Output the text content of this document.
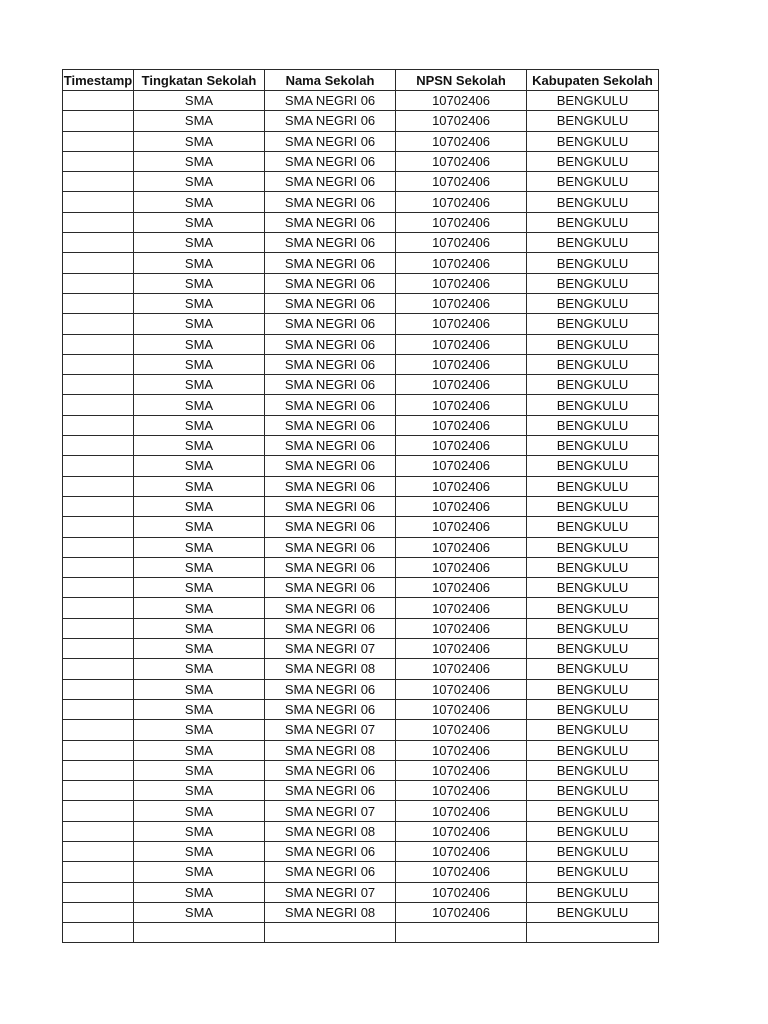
Timestamp	Tingkatan Sekolah	Nama Sekolah	NPSN Sekolah	Kabupaten Sekolah
	SMA	SMA NEGRI 06	10702406	BENGKULU
	SMA	SMA NEGRI 06	10702406	BENGKULU
	SMA	SMA NEGRI 06	10702406	BENGKULU
	SMA	SMA NEGRI 06	10702406	BENGKULU
	SMA	SMA NEGRI 06	10702406	BENGKULU
	SMA	SMA NEGRI 06	10702406	BENGKULU
	SMA	SMA NEGRI 06	10702406	BENGKULU
	SMA	SMA NEGRI 06	10702406	BENGKULU
	SMA	SMA NEGRI 06	10702406	BENGKULU
	SMA	SMA NEGRI 06	10702406	BENGKULU
	SMA	SMA NEGRI 06	10702406	BENGKULU
	SMA	SMA NEGRI 06	10702406	BENGKULU
	SMA	SMA NEGRI 06	10702406	BENGKULU
	SMA	SMA NEGRI 06	10702406	BENGKULU
	SMA	SMA NEGRI 06	10702406	BENGKULU
	SMA	SMA NEGRI 06	10702406	BENGKULU
	SMA	SMA NEGRI 06	10702406	BENGKULU
	SMA	SMA NEGRI 06	10702406	BENGKULU
	SMA	SMA NEGRI 06	10702406	BENGKULU
	SMA	SMA NEGRI 06	10702406	BENGKULU
	SMA	SMA NEGRI 06	10702406	BENGKULU
	SMA	SMA NEGRI 06	10702406	BENGKULU
	SMA	SMA NEGRI 06	10702406	BENGKULU
	SMA	SMA NEGRI 06	10702406	BENGKULU
	SMA	SMA NEGRI 06	10702406	BENGKULU
	SMA	SMA NEGRI 06	10702406	BENGKULU
	SMA	SMA NEGRI 06	10702406	BENGKULU
	SMA	SMA NEGRI 07	10702406	BENGKULU
	SMA	SMA NEGRI 08	10702406	BENGKULU
	SMA	SMA NEGRI 06	10702406	BENGKULU
	SMA	SMA NEGRI 06	10702406	BENGKULU
	SMA	SMA NEGRI 07	10702406	BENGKULU
	SMA	SMA NEGRI 08	10702406	BENGKULU
	SMA	SMA NEGRI 06	10702406	BENGKULU
	SMA	SMA NEGRI 06	10702406	BENGKULU
	SMA	SMA NEGRI 07	10702406	BENGKULU
	SMA	SMA NEGRI 08	10702406	BENGKULU
	SMA	SMA NEGRI 06	10702406	BENGKULU
	SMA	SMA NEGRI 06	10702406	BENGKULU
	SMA	SMA NEGRI 07	10702406	BENGKULU
	SMA	SMA NEGRI 08	10702406	BENGKULU
